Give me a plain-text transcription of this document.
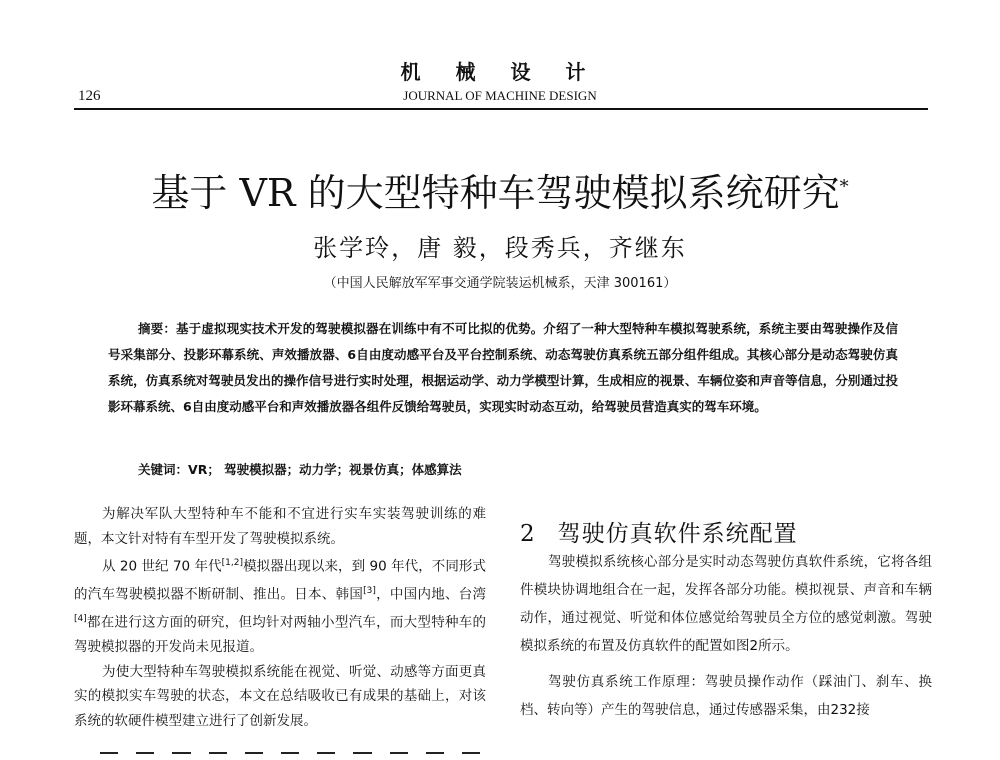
机 械 设 计
126	JOURNAL OF MACHINE DESIGN
基于 VR 的大型特种车驾驶模拟系统研究*
张学玲，唐 毅，段秀兵，齐继东
（中国人民解放军军事交通学院装运机械系，天津 300161）
摘要：基于虚拟现实技术开发的驾驶模拟器在训练中有不可比拟的优势。介绍了一种大型特种车模拟驾驶系统，系统主要由驾驶操作及信号采集部分、投影环幕系统、声效播放器、6自由度动感平台及平台控制系统、动态驾驶仿真系统五部分组件组成。其核心部分是动态驾驶仿真系统，仿真系统对驾驶员发出的操作信号进行实时处理，根据运动学、动力学模型计算，生成相应的视景、车辆位姿和声音等信息，分别通过投影环幕系统、6自由度动感平台和声效播放器各组件反馈给驾驶员，实现实时动态互动，给驾驶员营造真实的驾车环境。
关键词：VR； 驾驶模拟器；动力学；视景仿真；体感算法

为解决军队大型特种车不能和不宜进行实车实装驾驶训练的难题，本文针对特有车型开发了驾驶模拟系统。

从 20 世纪 70 年代[1,2]模拟器出现以来，到 90 年代，不同形式的汽车驾驶模拟器不断研制、推出。日本、韩国[3]，中国内地、台湾[4]都在进行这方面的研究，但均针对两轴小型汽车，而大型特种车的驾驶模拟器的开发尚未见报道。

为使大型特种车驾驶模拟系统能在视觉、听觉、动感等方面更真实的模拟实车驾驶的状态，本文在总结吸收已有成果的基础上，对该系统的软硬件模型建立进行了创新发展。

2 驾驶仿真软件系统配置

驾驶模拟系统核心部分是实时动态驾驶仿真软件系统，它将各组件模块协调地组合在一起，发挥各部分功能。模拟视景、声音和车辆动作，通过视觉、听觉和体位感觉给驾驶员全方位的感觉刺激。驾驶模拟系统的布置及仿真软件的配置如图2所示。

驾驶仿真系统工作原理：驾驶员操作动作（踩油门、刹车、换档、转向等）产生的驾驶信息，通过传感器采集，由232接
